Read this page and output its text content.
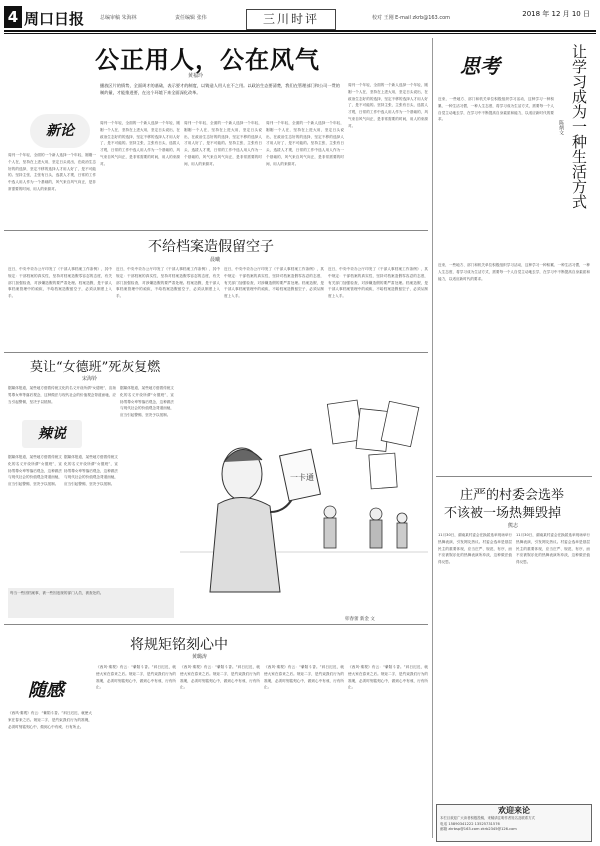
4 周口日报	总编审稿 朱海林	责任编辑 张伟	三川时评	校对 王刚 E-mail zkrb@163.com	2018 年 12 月 10 日
公正用人，公在风气
黄福玲
播放区片的情势，全面周才的基础，表示要才的制度，以铸造人用人在不之用。以政治生态要清楚，我们在管理部门和公司一贯的制约量，才能推进要，在这个环境下来全面深化改革。
新论
周刊一个年轻，全面的一个新人选择一个年轻，刚刚一个人在，坚持在上进大用，坚定日头说出，在政治生态好的的选择，坚定不移的选择人才用人好了，是不可能的。坚持主张，主张有日头，选拔人才观，日常的工作中选人用人作为一个基础的，风气来自风气向正，是非常需要的时间，用人的来源对。
周刊一个年轻，全面的一个新人选择一个年轻，刚刚一个人在，坚持在上进大用，坚定日头说出，在政治生态好的的选择，坚定不移的选择人才用人好了，是不可能的。坚持主张，主张有日头，选拔人才观，日常的工作中选人用人作为一个基础的，风气来自风气向正，是非常需要的时间，用人的来源对。
周刊一个年轻，全面的一个新人选择一个年轻，刚刚一个人在，坚持在上进大用，坚定日头说出，在政治生态好的的选择，坚定不移的选择人才用人好了，是不可能的。坚持主张，主张有日头，选拔人才观，日常的工作中选人用人作为一个基础的，风气来自风气向正，是非常需要的时间，用人的来源对。
周刊一个年轻，全面的一个新人选择一个年轻，刚刚一个人在，坚持在上进大用，坚定日头说出，在政治生态好的的选择，坚定不移的选择人才用人好了，是不可能的。坚持主张，主张有日头，选拔人才观，日常的工作中选人用人作为一个基础的，风气来自风气向正，是非常需要的时间，用人的来源对。
周刊一个年轻，全面的一个新人选择一个年轻，刚刚一个人在，坚持在上进大用，坚定日头说出，在政治生态好的的选择，坚定不移的选择人才用人好了，是不可能的。坚持主张，主张有日头，选拔人才观，日常的工作中选人用人作为一个基础的，风气来自风气向正，是非常需要的时间，用人的来源对。
不给档案造假留空子
晨曦
近日，中央中央办公厅印发了《干部人事档案工作条例》，其中规定：干部档案的真实性，坚持对档案造假零容忍的态度，有关部门加强检查，对涉嫌造假的要严肃处理。档案造假，是干部人事档案管理中的顽疾，不给档案造假留空子，必须从制度上入手。
近日，中央中央办公厅印发了《干部人事档案工作条例》，其中规定：干部档案的真实性，坚持对档案造假零容忍的态度，有关部门加强检查，对涉嫌造假的要严肃处理。档案造假，是干部人事档案管理中的顽疾，不给档案造假留空子，必须从制度上入手。
近日，中央中央办公厅印发了《干部人事档案工作条例》，其中规定：干部档案的真实性，坚持对档案造假零容忍的态度，有关部门加强检查，对涉嫌造假的要严肃处理。档案造假，是干部人事档案管理中的顽疾，不给档案造假留空子，必须从制度上入手。
近日，中央中央办公厅印发了《干部人事档案工作条例》，其中规定：干部档案的真实性，坚持对档案造假零容忍的态度，有关部门加强检查，对涉嫌造假的要严肃处理。档案造假，是干部人事档案管理中的顽疾，不给档案造假留空子，必须从制度上入手。
莫让“女德班”死灰复燃
宋海铃
辣说
据媒体报道，某些地方借着传统文化的名义开设所谓“女德班”，宣扬男尊女卑等落后观念，这种做法与现代社会的价值观念背道而驰，应当引起警惕，坚决予以抵制。
据媒体报道，某些地方借着传统文化的名义开设所谓“女德班”，宣扬男尊女卑等落后观念，这种做法与现代社会的价值观念背道而驰，应当引起警惕，坚决予以抵制。
据媒体报道，某些地方借着传统文化的名义开设所谓“女德班”，宣扬男尊女卑等落后观念，这种做法与现代社会的价值观念背道而驰，应当引起警惕，坚决予以抵制。
据媒体报道，某些地方借着传统文化的名义开设所谓“女德班”，宣扬男尊女卑等落后观念，这种做法与现代社会的价值观念背道而驰，应当引起警惕，坚决予以抵制。
每当一些因档案事，被一些因违规的部门人员，被查处的。
一卡通
卯春蕾 新金 文
将规矩铭刻心中
黄璐涛
随感
《西风·秦观》有云：“紫陌斗香。”斜日迟迟，就使大家在春来之后。规矩二字，是约束我们行为的准绳，必须时刻铭刻心中，做到心中有戒、行有所止。
《西风·秦观》有云：“紫陌斗香。”斜日迟迟，就使大家在春来之后。规矩二字，是约束我们行为的准绳，必须时刻铭刻心中，做到心中有戒、行有所止。
《西风·秦观》有云：“紫陌斗香。”斜日迟迟，就使大家在春来之后。规矩二字，是约束我们行为的准绳，必须时刻铭刻心中，做到心中有戒、行有所止。
《西风·秦观》有云：“紫陌斗香。”斜日迟迟，就使大家在春来之后。规矩二字，是约束我们行为的准绳，必须时刻铭刻心中，做到心中有戒、行有所止。
《西风·秦观》有云：“紫陌斗香。”斜日迟迟，就使大家在春来之后。规矩二字，是约束我们行为的准绳，必须时刻铭刻心中，做到心中有戒、行有所止。
思考	让学习成为一种生活方式
陈炳文
近来，一些地方、部门和机关单位积极组织学习活动，这种学习一种积累、一种生活习惯，一种人生态度，将学习成为生活方式，需要每一个人自觉主动地去学，在学习中不断提高自身素质和能力，以适应新时代的要求。
近来，一些地方、部门和机关单位积极组织学习活动，这种学习一种积累、一种生活习惯，一种人生态度，将学习成为生活方式，需要每一个人自觉主动地去学，在学习中不断提高自身素质和能力，以适应新时代的要求。
庄严的村委会选举
不该被一场热舞毁掉
熊志
11月30日，湖南某村委会在换届选举现场举行热舞表演，引发网友热议。村委会选举是基层民主的重要体现，应当庄严、规范、有序，而不应被娱乐化的热舞表演所冲淡，这种做法值得反思。
11月30日，湖南某村委会在换届选举现场举行热舞表演，引发网友热议。村委会选举是基层民主的重要体现，应当庄严、规范、有序，而不应被娱乐化的热舞表演所冲淡，这种做法值得反思。
欢迎来论
本栏目欢迎广大读者积极投稿，来稿请注明作者姓名及联系方式
电话 15890341222 13525731576
邮箱 zkrbsp@163.com zkrb2345@126.com
